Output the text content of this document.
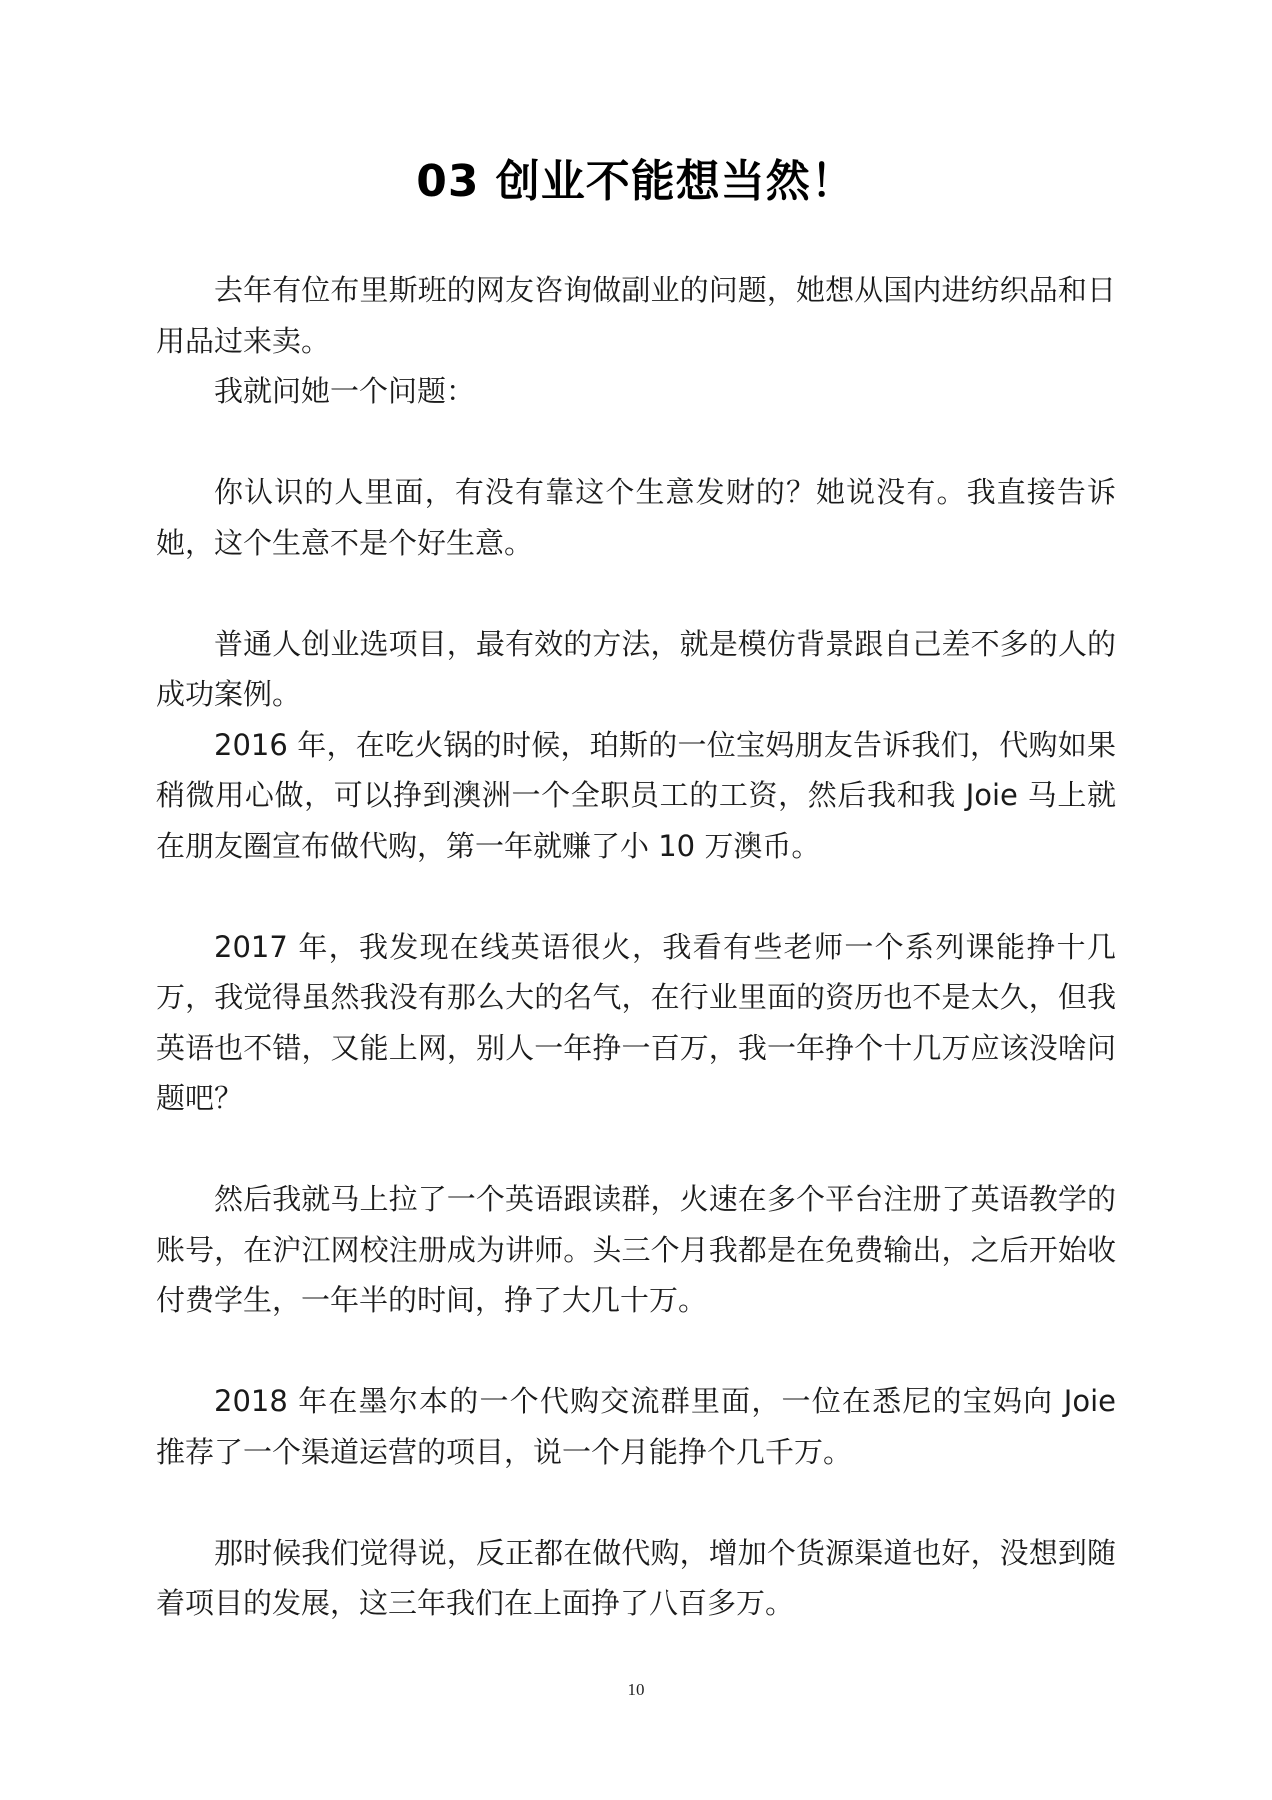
03 创业不能想当然！

去年有位布里斯班的网友咨询做副业的问题，她想从国内进纺织品和日用品过来卖。

我就问她一个问题：

你认识的人里面，有没有靠这个生意发财的？她说没有。我直接告诉她，这个生意不是个好生意。

普通人创业选项目，最有效的方法，就是模仿背景跟自己差不多的人的成功案例。

2016 年，在吃火锅的时候，珀斯的一位宝妈朋友告诉我们，代购如果稍微用心做，可以挣到澳洲一个全职员工的工资，然后我和我 Joie 马上就在朋友圈宣布做代购，第一年就赚了小 10 万澳币。

2017 年，我发现在线英语很火，我看有些老师一个系列课能挣十几万，我觉得虽然我没有那么大的名气，在行业里面的资历也不是太久，但我英语也不错，又能上网，别人一年挣一百万，我一年挣个十几万应该没啥问题吧？

然后我就马上拉了一个英语跟读群，火速在多个平台注册了英语教学的账号，在沪江网校注册成为讲师。头三个月我都是在免费输出，之后开始收付费学生，一年半的时间，挣了大几十万。

2018 年在墨尔本的一个代购交流群里面，一位在悉尼的宝妈向 Joie 推荐了一个渠道运营的项目，说一个月能挣个几千万。

那时候我们觉得说，反正都在做代购，增加个货源渠道也好，没想到随着项目的发展，这三年我们在上面挣了八百多万。

10
